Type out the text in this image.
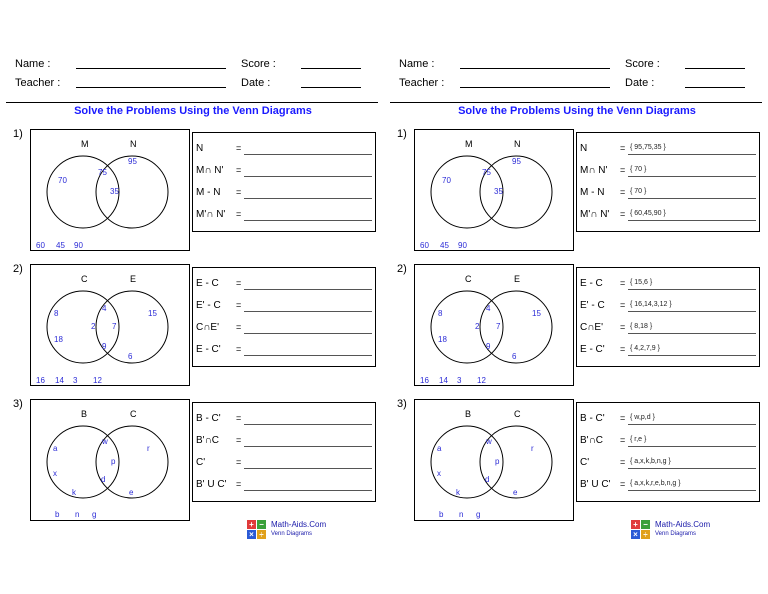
Name :
Teacher :
Score :
Date :
Solve the Problems Using the Venn Diagrams
1)
M	N
70
75
35
95
60 45 90
N	=
M∩ N' =
M - N =
M'∩ N' =
2)
C	E
8
18
4
2 7
9
15
6
16 14 3 12
E - C =
E' - C =
C∩E' =
E - C' =
3)
B	C
a
x
k
w
p
d
r
e
b n g
B - C' =
B'∩C =
C'	=
B' U C' =
+ −
× ÷
Math-Aids.Com
Venn Diagrams
Name :
Teacher :
Score :
Date :
Solve the Problems Using the Venn Diagrams
1)
M	N
70
75
35
95
60 45 90
N	= { 95,75,35 }
M∩ N' = { 70 }
M - N = { 70 }
M'∩ N' = { 60,45,90 }
2)
C	E
8
18
4
2 7
9
15
6
16 14 3 12
E - C = { 15,6 }
E' - C = { 16,14,3,12 }
C∩E' = { 8,18 }
E - C' = { 4,2,7,9 }
3)
B	C
a
x
k
w
p
d
r
e
b n g
B - C' = { w,p,d }
B'∩C = { r,e }
C'	= { a,x,k,b,n,g }
B' U C' = { a,x,k,r,e,b,n,g }
+ −
× ÷
Math-Aids.Com
Venn Diagrams
